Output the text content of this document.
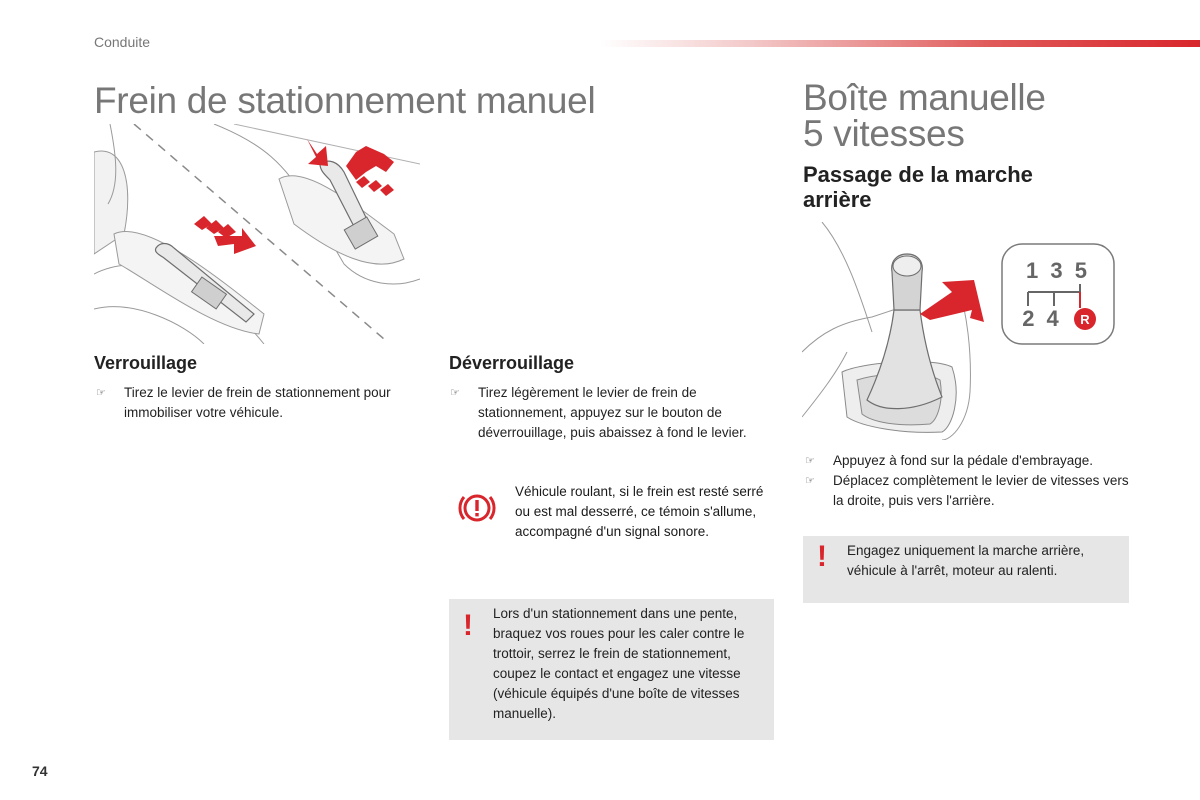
Conduite
Frein de stationnement manuel	Boîte manuelle
5 vitesses
Passage de la marche arrière
1 3 5
2 4 R
Verrouillage
☞	Tirez le levier de frein de stationnement pour immobiliser votre véhicule.
Déverrouillage
☞	Tirez légèrement le levier de frein de stationnement, appuyez sur le bouton de déverrouillage, puis abaissez à fond le levier.
Véhicule roulant, si le frein est resté serré ou est mal desserré, ce témoin s'allume, accompagné d'un signal sonore.
! Lors d'un stationnement dans une pente, braquez vos roues pour les caler contre le trottoir, serrez le frein de stationnement, coupez le contact et engagez une vitesse (véhicule équipés d'une boîte de vitesses manuelle).
☞	Appuyez à fond sur la pédale d'embrayage.
☞	Déplacez complètement le levier de vitesses vers la droite, puis vers l'arrière.
! Engagez uniquement la marche arrière, véhicule à l'arrêt, moteur au ralenti.
74
